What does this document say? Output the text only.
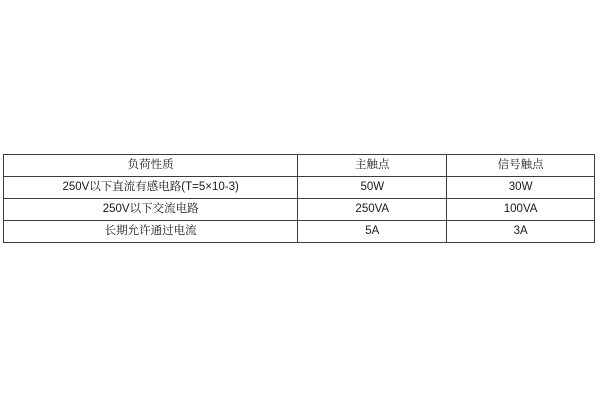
负荷性质	主触点	信号触点
250V以下直流有感电路(T=5×10-3)	50W	30W
250V以下交流电路	250VA	100VA
长期允许通过电流	5A	3A
